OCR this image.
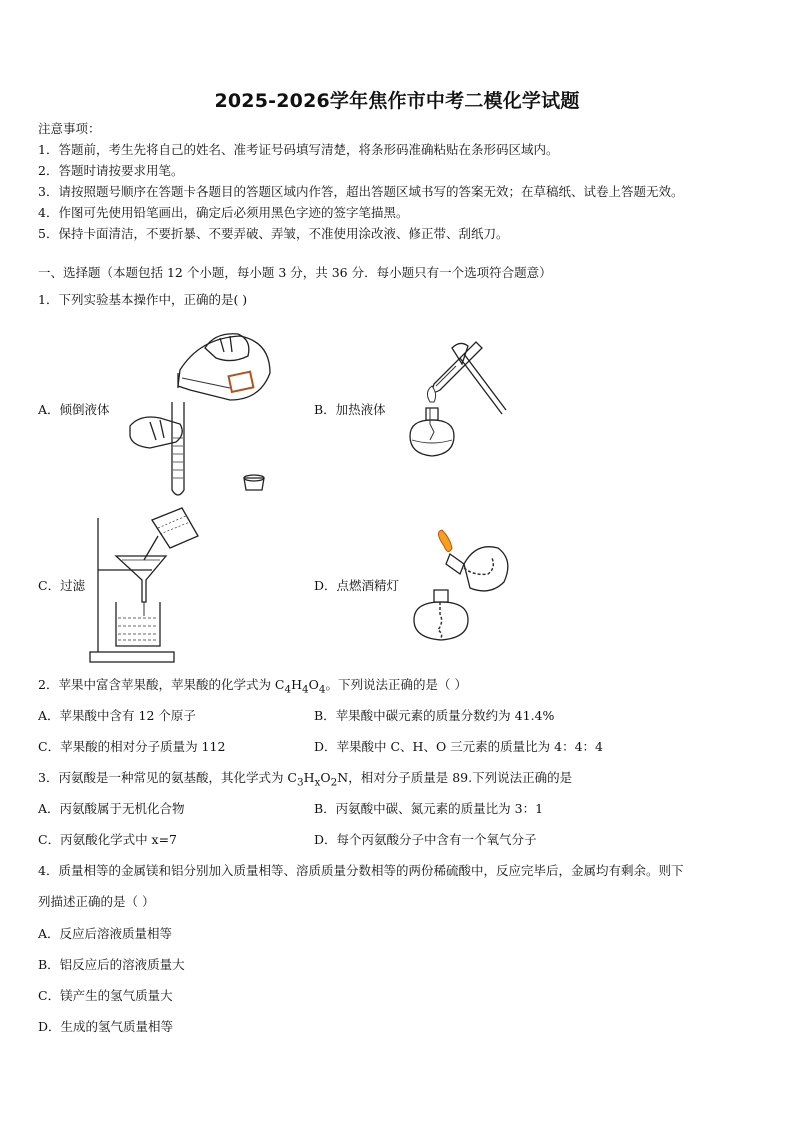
2025-2026学年焦作市中考二模化学试题
注意事项：
1．答题前，考生先将自己的姓名、准考证号码填写清楚，将条形码准确粘贴在条形码区域内。
2．答题时请按要求用笔。
3．请按照题号顺序在答题卡各题目的答题区域内作答，超出答题区域书写的答案无效；在草稿纸、试卷上答题无效。
4．作图可先使用铅笔画出，确定后必须用黑色字迹的签字笔描黑。
5．保持卡面清洁，不要折暴、不要弄破、弄皱，不准使用涂改液、修正带、刮纸刀。
一、选择题（本题包括 12 个小题，每小题 3 分，共 36 分．每小题只有一个选项符合题意）
1．下列实验基本操作中，正确的是( )
A．倾倒液体	B．加热液体
C．过滤	D．点燃酒精灯
2．苹果中富含苹果酸，苹果酸的化学式为 $C_4H_4O_4$。下列说法正确的是（ ）
A．苹果酸中含有 12 个原子	B．苹果酸中碳元素的质量分数约为 41.4%
C．苹果酸的相对分子质量为 112	D．苹果酸中 C、H、O 三元素的质量比为 4：4：4
3．丙氨酸是一种常见的氨基酸，其化学式为 $C_3H_xO_2N$，相对分子质量是 89.下列说法正确的是
A．丙氨酸属于无机化合物	B．丙氨酸中碳、氮元素的质量比为 3：1
C．丙氨酸化学式中 x=7	D．每个丙氨酸分子中含有一个氧气分子
4．质量相等的金属镁和铝分别加入质量相等、溶质质量分数相等的两份稀硫酸中，反应完毕后，金属均有剩余。则下
列描述正确的是（ ）
A．反应后溶液质量相等
B．铝反应后的溶液质量大
C．镁产生的氢气质量大
D．生成的氢气质量相等
